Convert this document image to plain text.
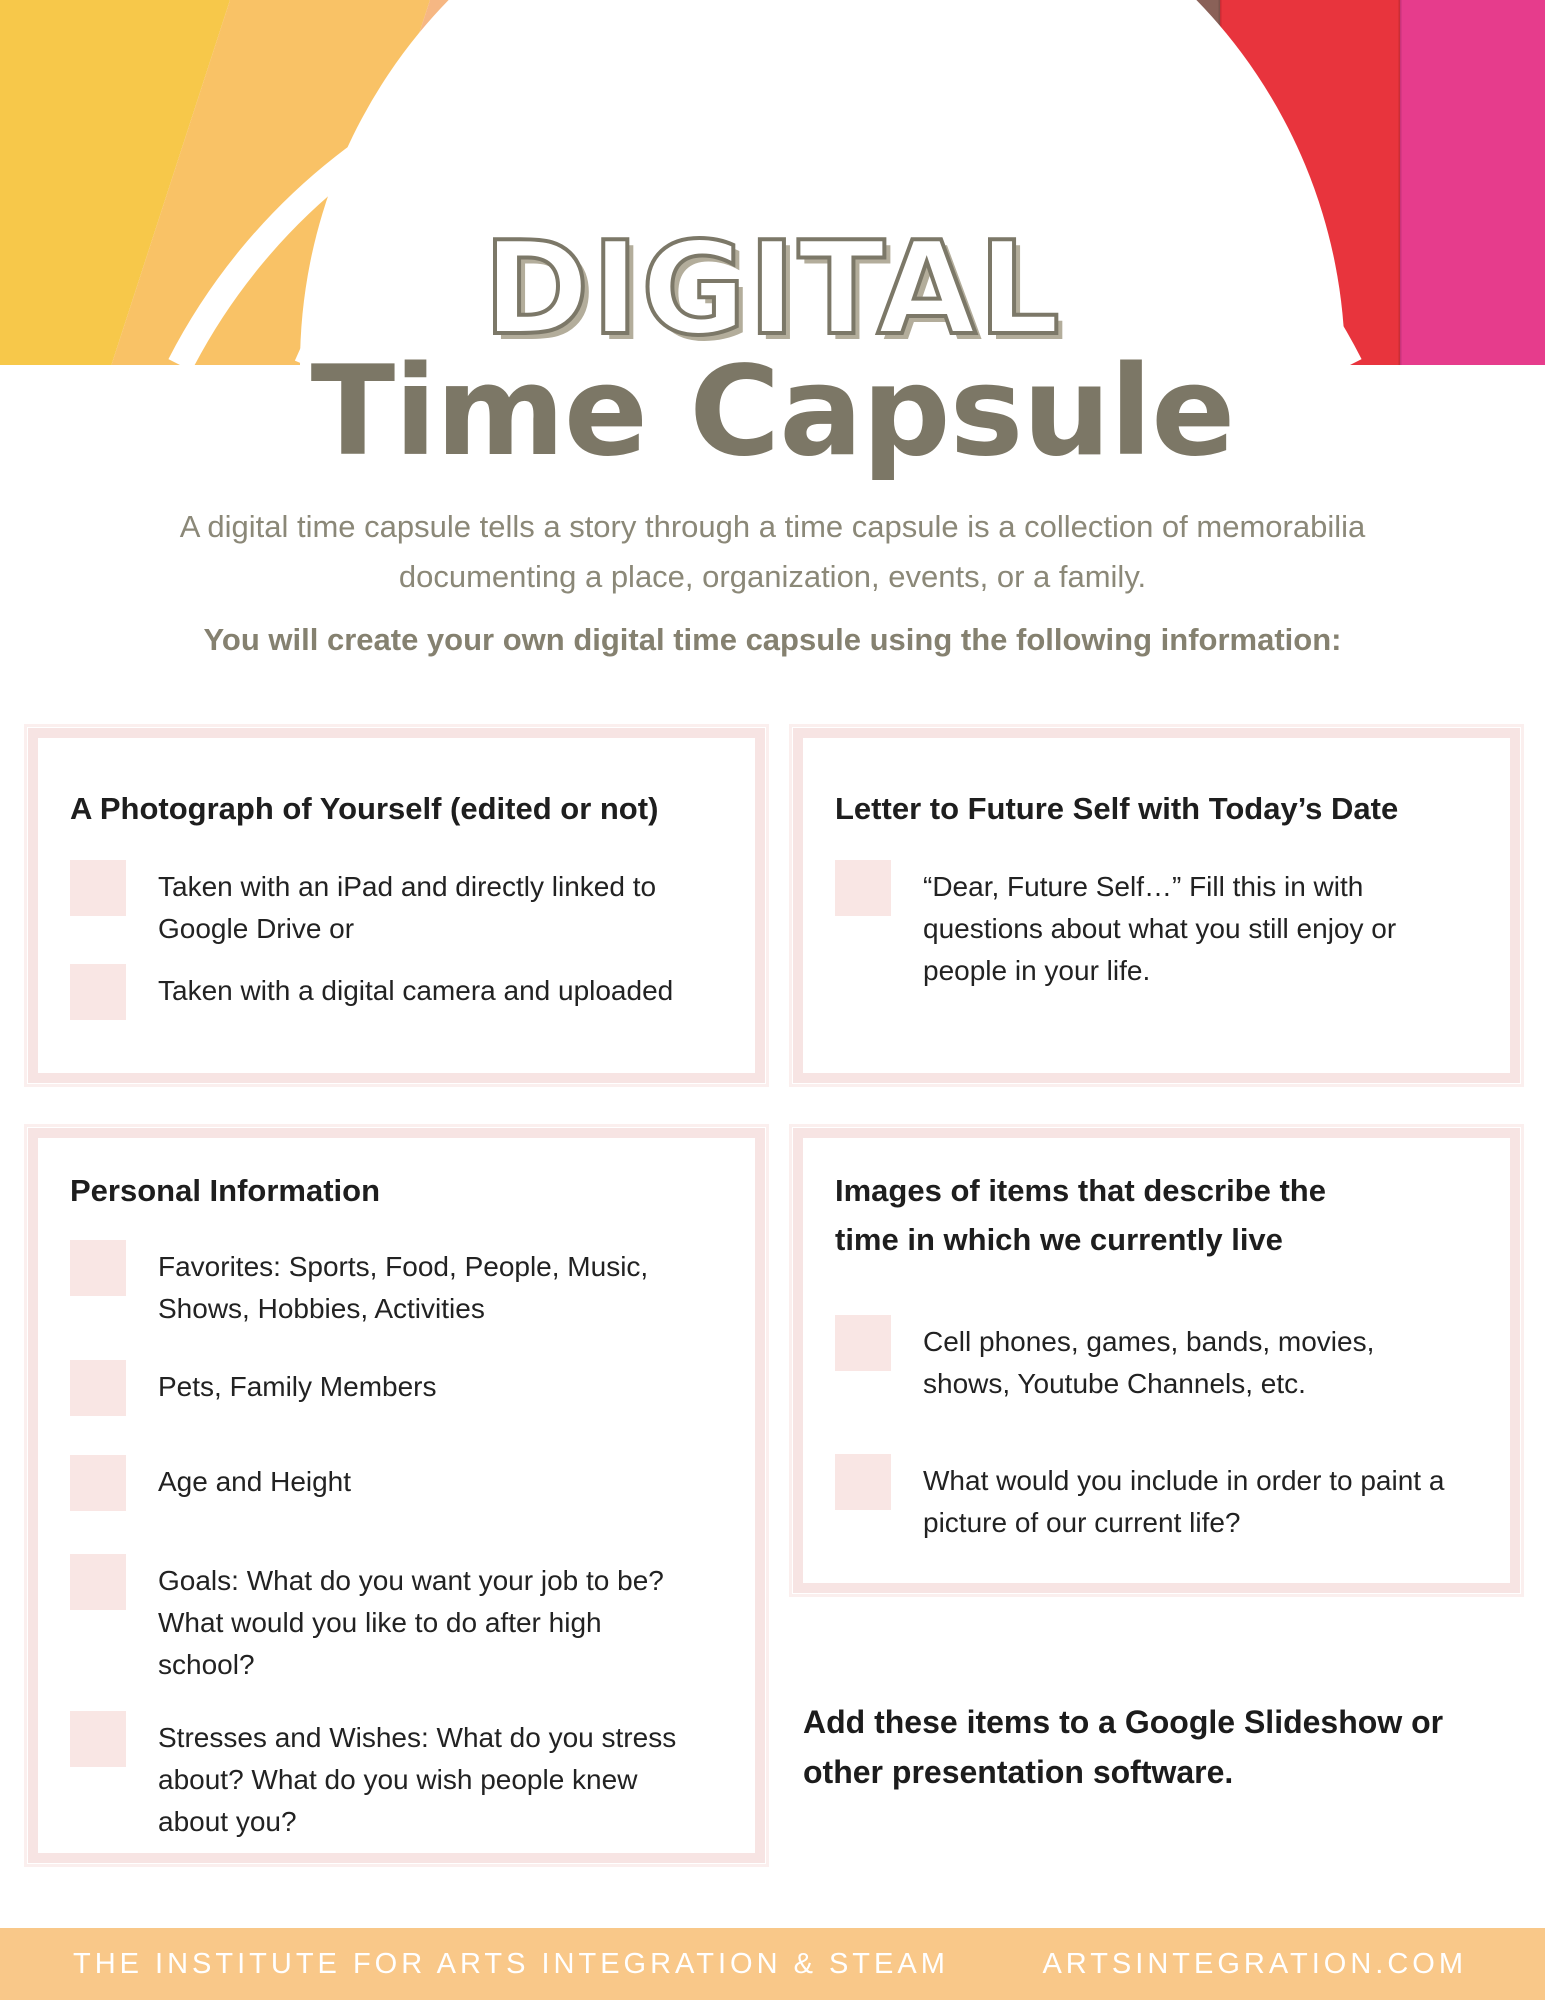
DIGITAL
Time Capsule
A digital time capsule tells a story through a time capsule is a collection of memorabilia
documenting a place, organization, events, or a family.
You will create your own digital time capsule using the following information:
A Photograph of Yourself (edited or not)
Taken with an iPad and directly linked to
Google Drive or
Taken with a digital camera and uploaded
Letter to Future Self with Today’s Date
“Dear, Future Self…” Fill this in with
questions about what you still enjoy or
people in your life.
Personal Information
Favorites: Sports, Food, People, Music,
Shows, Hobbies, Activities
Pets, Family Members
Age and Height
Goals: What do you want your job to be?
What would you like to do after high
school?
Stresses and Wishes: What do you stress
about? What do you wish people knew
about you?
Images of items that describe the
time in which we currently live
Cell phones, games, bands, movies,
shows, Youtube Channels, etc.
What would you include in order to paint a
picture of our current life?
Add these items to a Google Slideshow or
other presentation software.
THE INSTITUTE FOR ARTS INTEGRATION & STEAM	ARTSINTEGRATION.COM
